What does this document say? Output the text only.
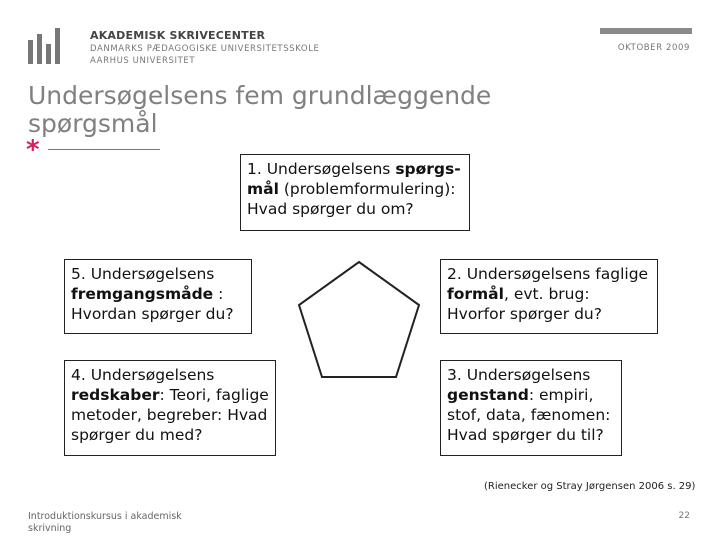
AKADEMISK SKRIVECENTER
DANMARKS PÆDAGOGISKE UNIVERSITETSSKOLE
AARHUS UNIVERSITET
OKTOBER 2009
Undersøgelsens fem grundlæggende spørgsmål
*
1. Undersøgelsens spørgs-mål (problemformulering): Hvad spørger du om?
5. Undersøgelsens fremgangsmåde : Hvordan spørger du?
2. Undersøgelsens faglige formål, evt. brug: Hvorfor spørger du?
4. Undersøgelsens redskaber: Teori, faglige metoder, begreber: Hvad spørger du med?
3. Undersøgelsens genstand: empiri, stof, data, fænomen: Hvad spørger du til?
(Rienecker og Stray Jørgensen 2006 s. 29)
Introduktionskursus i akademisk skrivning
22
